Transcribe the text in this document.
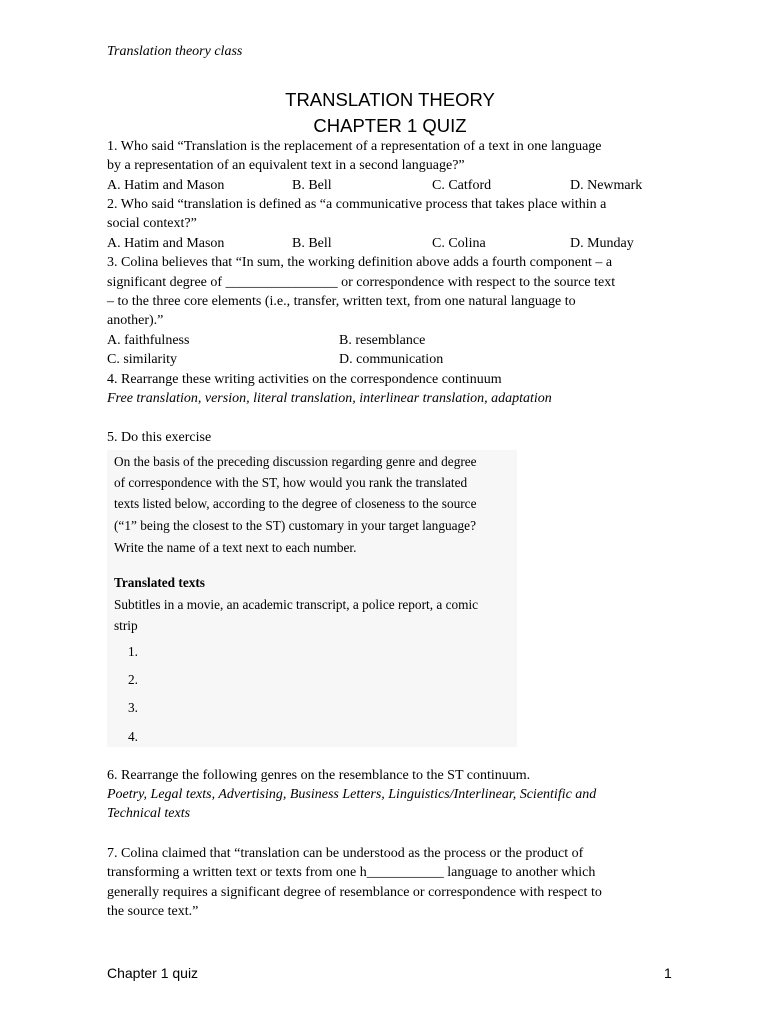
Translation theory class
TRANSLATION THEORY
CHAPTER 1 QUIZ
1. Who said “Translation is the replacement of a representation of a text in one language
by a representation of an equivalent text in a second language?”
A. Hatim and Mason	B. Bell	C. Catford	D. Newmark
2. Who said “translation is defined as “a communicative process that takes place within a
social context?”
A. Hatim and Mason	B. Bell	C. Colina	D. Munday
3. Colina believes that “In sum, the working definition above adds a fourth component – a
significant degree of ________________ or correspondence with respect to the source text
– to the three core elements (i.e., transfer, written text, from one natural language to
another).”
A. faithfulness	B. resemblance
C. similarity	D. communication
4. Rearrange these writing activities on the correspondence continuum
Free translation, version, literal translation, interlinear translation, adaptation
5. Do this exercise
On the basis of the preceding discussion regarding genre and degree
of correspondence with the ST, how would you rank the translated
texts listed below, according to the degree of closeness to the source
(“1” being the closest to the ST) customary in your target language?
Write the name of a text next to each number.
Translated texts
Subtitles in a movie, an academic transcript, a police report, a comic
strip
1.
2.
3.
4.
6. Rearrange the following genres on the resemblance to the ST continuum.
Poetry, Legal texts, Advertising, Business Letters, Linguistics/Interlinear, Scientific and
Technical texts
7. Colina claimed that “translation can be understood as the process or the product of
transforming a written text or texts from one h___________ language to another which
generally requires a significant degree of resemblance or correspondence with respect to
the source text.”
Chapter 1 quiz	1
